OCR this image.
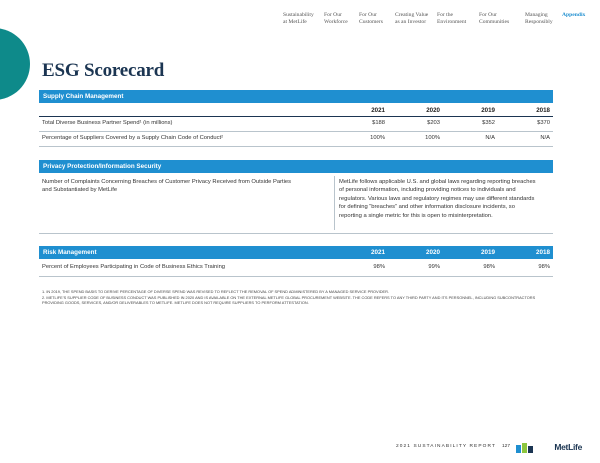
Sustainability
at MetLife
For Our
Workforce
For Our
Customers
Creating Value
as an Investor
For the
Environment
For Our
Communities
Managing
Responsibly
Appendix
ESG Scorecard
Supply Chain Management
2021	2020	2019	2018
Total Diverse Business Partner Spend¹ (in millions)	$188	$203	$352	$370
Percentage of Suppliers Covered by a Supply Chain Code of Conduct²	100%	100%	N/A	N/A
Privacy Protection/Information Security
Number of Complaints Concerning Breaches of Customer Privacy Received from Outside Parties and Substantiated by MetLife
MetLife follows applicable U.S. and global laws regarding reporting breaches of personal information, including providing notices to individuals and regulators. Various laws and regulatory regimes may use different standards for defining “breaches” and other information disclosure incidents, so reporting a single metric for this is open to misinterpretation.
Risk Management	2021	2020	2019	2018
Percent of Employees Participating in Code of Business Ethics Training	98%	99%	98%	98%
1. IN 2019, THE SPEND BASIS TO DERIVE PERCENTAGE OF DIVERSE SPEND WAS REVISED TO REFLECT THE REMOVAL OF SPEND ADMINISTERED BY A MANAGED SERVICE PROVIDER.
2. METLIFE’S SUPPLIER CODE OF BUSINESS CONDUCT WAS PUBLISHED IN 2020 AND IS AVAILABLE ON THE EXTERNAL METLIFE GLOBAL PROCUREMENT WEBSITE. THE CODE REFERS TO ANY THIRD PARTY AND ITS PERSONNEL, INCLUDING SUBCONTRACTORS PROVIDING GOODS, SERVICES, AND/OR DELIVERABLES TO METLIFE. METLIFE DOES NOT REQUIRE SUPPLIERS TO PERFORM ATTESTATION.
2021 SUSTAINABILITY REPORT 127	MetLife
